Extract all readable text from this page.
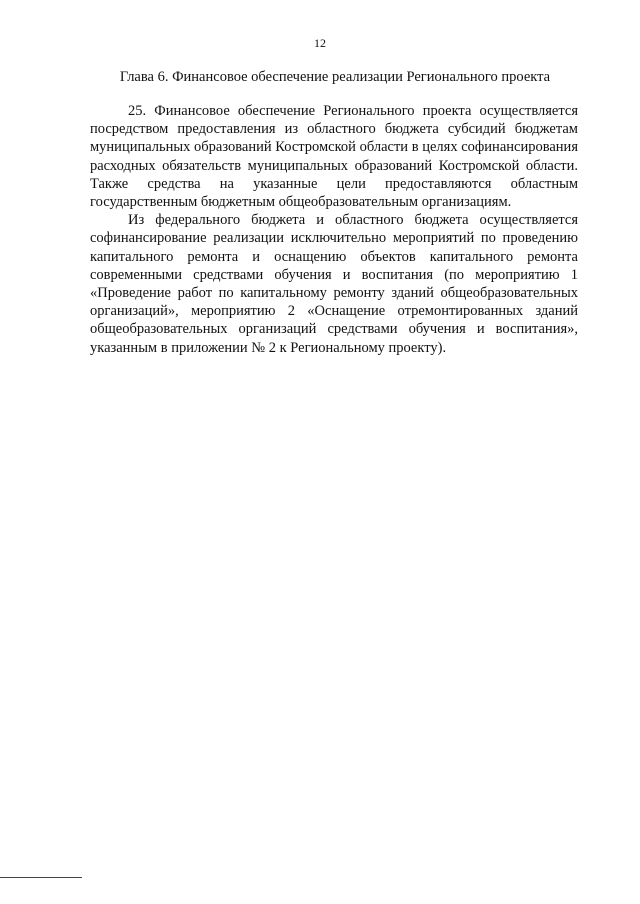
12
Глава 6. Финансовое обеспечение реализации Регионального проекта

25. Финансовое обеспечение Регионального проекта осуществляется посредством предоставления из областного бюджета субсидий бюджетам муниципальных образований Костромской области в целях софинансирования расходных обязательств муниципальных образований Костромской области. Также средства на указанные цели предоставляются областным государственным бюджетным общеобразовательным организациям.

Из федерального бюджета и областного бюджета осуществляется софинансирование реализации исключительно мероприятий по проведению капитального ремонта и оснащению объектов капитального ремонта современными средствами обучения и воспитания (по мероприятию 1 «Проведение работ по капитальному ремонту зданий общеобразовательных организаций», мероприятию 2 «Оснащение отремонтированных зданий общеобразовательных организаций средствами обучения и воспитания», указанным в приложении № 2 к Региональному проекту).
